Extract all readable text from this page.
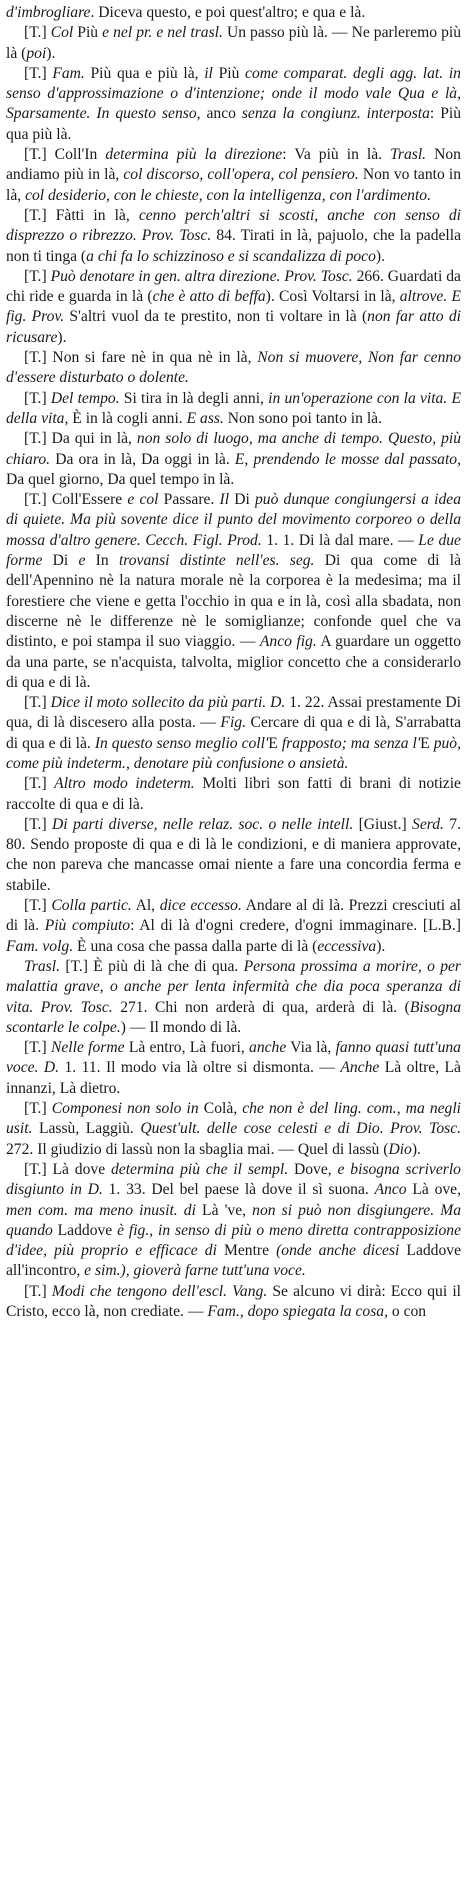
d'imbrogliare. Diceva questo, e poi quest'altro; e qua e là.

[T.] Col Più e nel pr. e nel trasl. Un passo più là. — Ne parleremo più là (poi).

[T.] Fam. Più qua e più là, il Più come comparat. degli agg. lat. in senso d'approssimazione o d'intenzione; onde il modo vale Qua e là, Sparsamente. In questo senso, anco senza la congiunz. interposta: Più qua più là.

[T.] Coll'In determina più la direzione: Va più in là. Trasl. Non andiamo più in là, col discorso, coll'opera, col pensiero. Non vo tanto in là, col desiderio, con le chieste, con la intelligenza, con l'ardimento.

[T.] Fàtti in là, cenno perch'altri si scosti, anche con senso di disprezzo o ribrezzo. Prov. Tosc. 84. Tirati in là, pajuolo, che la padella non ti tinga (a chi fa lo schizzinoso e si scandalizza di poco).

[T.] Può denotare in gen. altra direzione. Prov. Tosc. 266. Guardati da chi ride e guarda in là (che è atto di beffa). Così Voltarsi in là, altrove. E fig. Prov. S'altri vuol da te prestito, non ti voltare in là (non far atto di ricusare).

[T.] Non si fare nè in qua nè in là, Non si muovere, Non far cenno d'essere disturbato o dolente.

[T.] Del tempo. Si tira in là degli anni, in un'operazione con la vita. E della vita, È in là cogli anni. E ass. Non sono poi tanto in là.

[T.] Da qui in là, non solo di luogo, ma anche di tempo. Questo, più chiaro. Da ora in là, Da oggi in là. E, prendendo le mosse dal passato, Da quel giorno, Da quel tempo in là.

[T.] Coll'Essere e col Passare. Il Di può dunque congiungersi a idea di quiete. Ma più sovente dice il punto del movimento corporeo o della mossa d'altro genere. Cecch. Figl. Prod. 1. 1. Di là dal mare. — Le due forme Di e In trovansi distinte nell'es. seg. Di qua come di là dell'Apennino nè la natura morale nè la corporea è la medesima; ma il forestiere che viene e getta l'occhio in qua e in là, così alla sbadata, non discerne nè le differenze nè le somiglianze; confonde quel che va distinto, e poi stampa il suo viaggio. — Anco fig. A guardare un oggetto da una parte, se n'acquista, talvolta, miglior concetto che a considerarlo di qua e di là.

[T.] Dice il moto sollecito da più parti. D. 1. 22. Assai prestamente Di qua, di là discesero alla posta. — Fig. Cercare di qua e di là, S'arrabatta di qua e di là. In questo senso meglio coll'E frapposto; ma senza l'E può, come più indeterm., denotare più confusione o ansietà.

[T.] Altro modo indeterm. Molti libri son fatti di brani di notizie raccolte di qua e di là.

[T.] Di parti diverse, nelle relaz. soc. o nelle intell. [Giust.] Serd. 7. 80. Sendo proposte di qua e di là le condizioni, e di maniera approvate, che non pareva che mancasse omai niente a fare una concordia ferma e stabile.

[T.] Colla partic. Al, dice eccesso. Andare al di là. Prezzi cresciuti al di là. Più compiuto: Al di là d'ogni credere, d'ogni immaginare. [L.B.] Fam. volg. È una cosa che passa dalla parte di là (eccessiva).

Trasl. [T.] È più di là che di qua. Persona prossima a morire, o per malattia grave, o anche per lenta infermità che dia poca speranza di vita. Prov. Tosc. 271. Chi non arderà di qua, arderà di là. (Bisogna scontarle le colpe.) — Il mondo di là.

[T.] Nelle forme Là entro, Là fuori, anche Via là, fanno quasi tutt'una voce. D. 1. 11. Il modo via là oltre si dismonta. — Anche Là oltre, Là innanzi, Là dietro.

[T.] Componesi non solo in Colà, che non è del ling. com., ma negli usit. Lassù, Laggiù. Quest'ult. delle cose celesti e di Dio. Prov. Tosc. 272. Il giudizio di lassù non la sbaglia mai. — Quel di lassù (Dio).

[T.] Là dove determina più che il sempl. Dove, e bisogna scriverlo disgiunto in D. 1. 33. Del bel paese là dove il sì suona. Anco Là ove, men com. ma meno inusit. di Là 've, non si può non disgiungere. Ma quando Laddove è fig., in senso di più o meno diretta contrapposizione d'idee, più proprio e efficace di Mentre (onde anche dicesi Laddove all'incontro, e sim.), gioverà farne tutt'una voce.

[T.] Modi che tengono dell'escl. Vang. Se alcuno vi dirà: Ecco qui il Cristo, ecco là, non crediate. — Fam., dopo spiegata la cosa, o con
